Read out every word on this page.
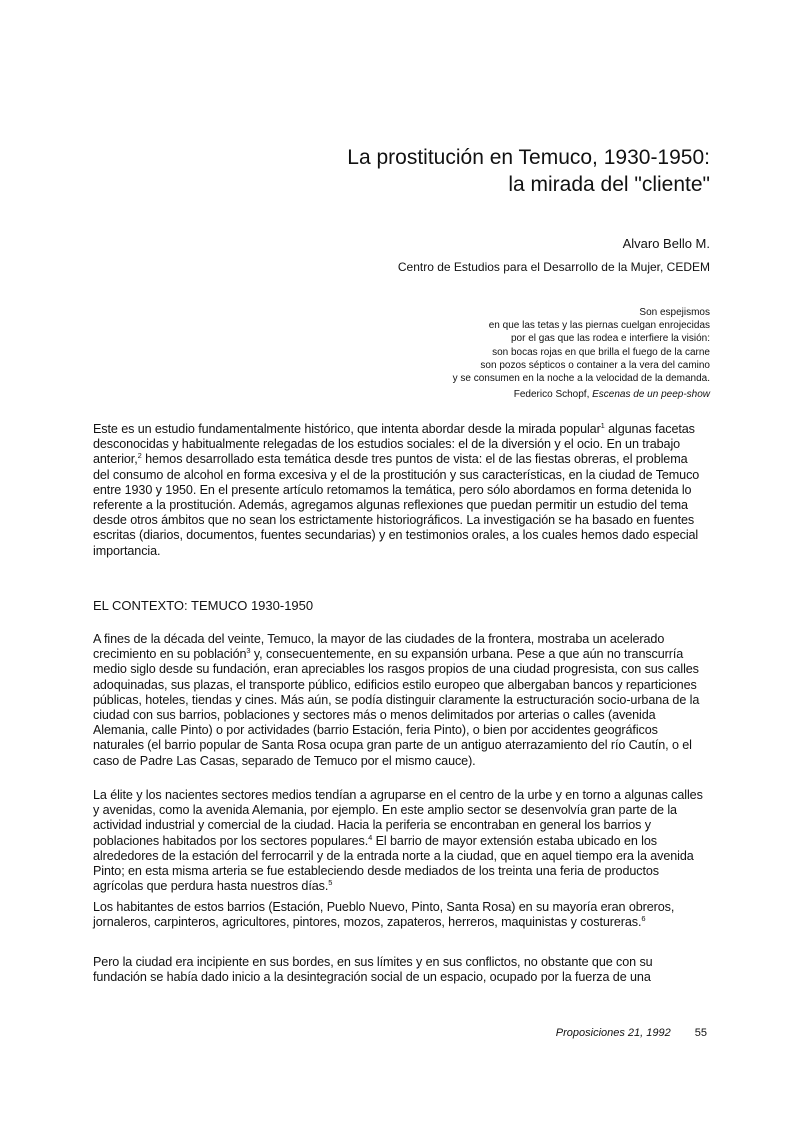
La prostitución en Temuco, 1930-1950:
la mirada del "cliente"
Alvaro Bello M.
Centro de Estudios para el Desarrollo de la Mujer, CEDEM
Son espejismos
en que las tetas y las piernas cuelgan enrojecidas
por el gas que las rodea e interfiere la visión:
son bocas rojas en que brilla el fuego de la carne
son pozos sépticos o container a la vera del camino
y se consumen en la noche a la velocidad de la demanda.
Federico Schopf, Escenas de un peep-show
Este es un estudio fundamentalmente histórico, que intenta abordar desde la mirada popular$^1$ algunas facetas desconocidas y habitualmente relegadas de los estudios sociales: el de la diversión y el ocio. En un trabajo anterior,$^2$ hemos desarrollado esta temática desde tres puntos de vista: el de las fiestas obreras, el problema del consumo de alcohol en forma excesiva y el de la prostitución y sus características, en la ciudad de Temuco entre 1930 y 1950. En el presente artículo retomamos la temática, pero sólo abordamos en forma detenida lo referente a la prostitución. Además, agregamos algunas reflexiones que puedan permitir un estudio del tema desde otros ámbitos que no sean los estrictamente historiográficos. La investigación se ha basado en fuentes escritas (diarios, documentos, fuentes secundarias) y en testimonios orales, a los cuales hemos dado especial importancia.
EL CONTEXTO: TEMUCO 1930-1950
A fines de la década del veinte, Temuco, la mayor de las ciudades de la frontera, mostraba un acelerado crecimiento en su población$^3$ y, consecuentemente, en su expansión urbana. Pese a que aún no transcurría medio siglo desde su fundación, eran apreciables los rasgos propios de una ciudad progresista, con sus calles adoquinadas, sus plazas, el transporte público, edificios estilo europeo que albergaban bancos y reparticiones públicas, hoteles, tiendas y cines. Más aún, se podía distinguir claramente la estructuración socio-urbana de la ciudad con sus barrios, poblaciones y sectores más o menos delimitados por arterias o calles (avenida Alemania, calle Pinto) o por actividades (barrio Estación, feria Pinto), o bien por accidentes geográficos naturales (el barrio popular de Santa Rosa ocupa gran parte de un antiguo aterrazamiento del río Cautín, o el caso de Padre Las Casas, separado de Temuco por el mismo cauce).
La élite y los nacientes sectores medios tendían a agruparse en el centro de la urbe y en torno a algunas calles y avenidas, como la avenida Alemania, por ejemplo. En este amplio sector se desenvolvía gran parte de la actividad industrial y comercial de la ciudad. Hacia la periferia se encontraban en general los barrios y poblaciones habitados por los sectores populares.$^4$ El barrio de mayor extensión estaba ubicado en los alrededores de la estación del ferrocarril y de la entrada norte a la ciudad, que en aquel tiempo era la avenida Pinto; en esta misma arteria se fue estableciendo desde mediados de los treinta una feria de productos agrícolas que perdura hasta nuestros días.$^5$
Los habitantes de estos barrios (Estación, Pueblo Nuevo, Pinto, Santa Rosa) en su mayoría eran obreros, jornaleros, carpinteros, agricultores, pintores, mozos, zapateros, herreros, maquinistas y costureras.$^6$
Pero la ciudad era incipiente en sus bordes, en sus límites y en sus conflictos, no obstante que con su fundación se había dado inicio a la desintegración social de un espacio, ocupado por la fuerza de una
Proposiciones 21, 1992 55
